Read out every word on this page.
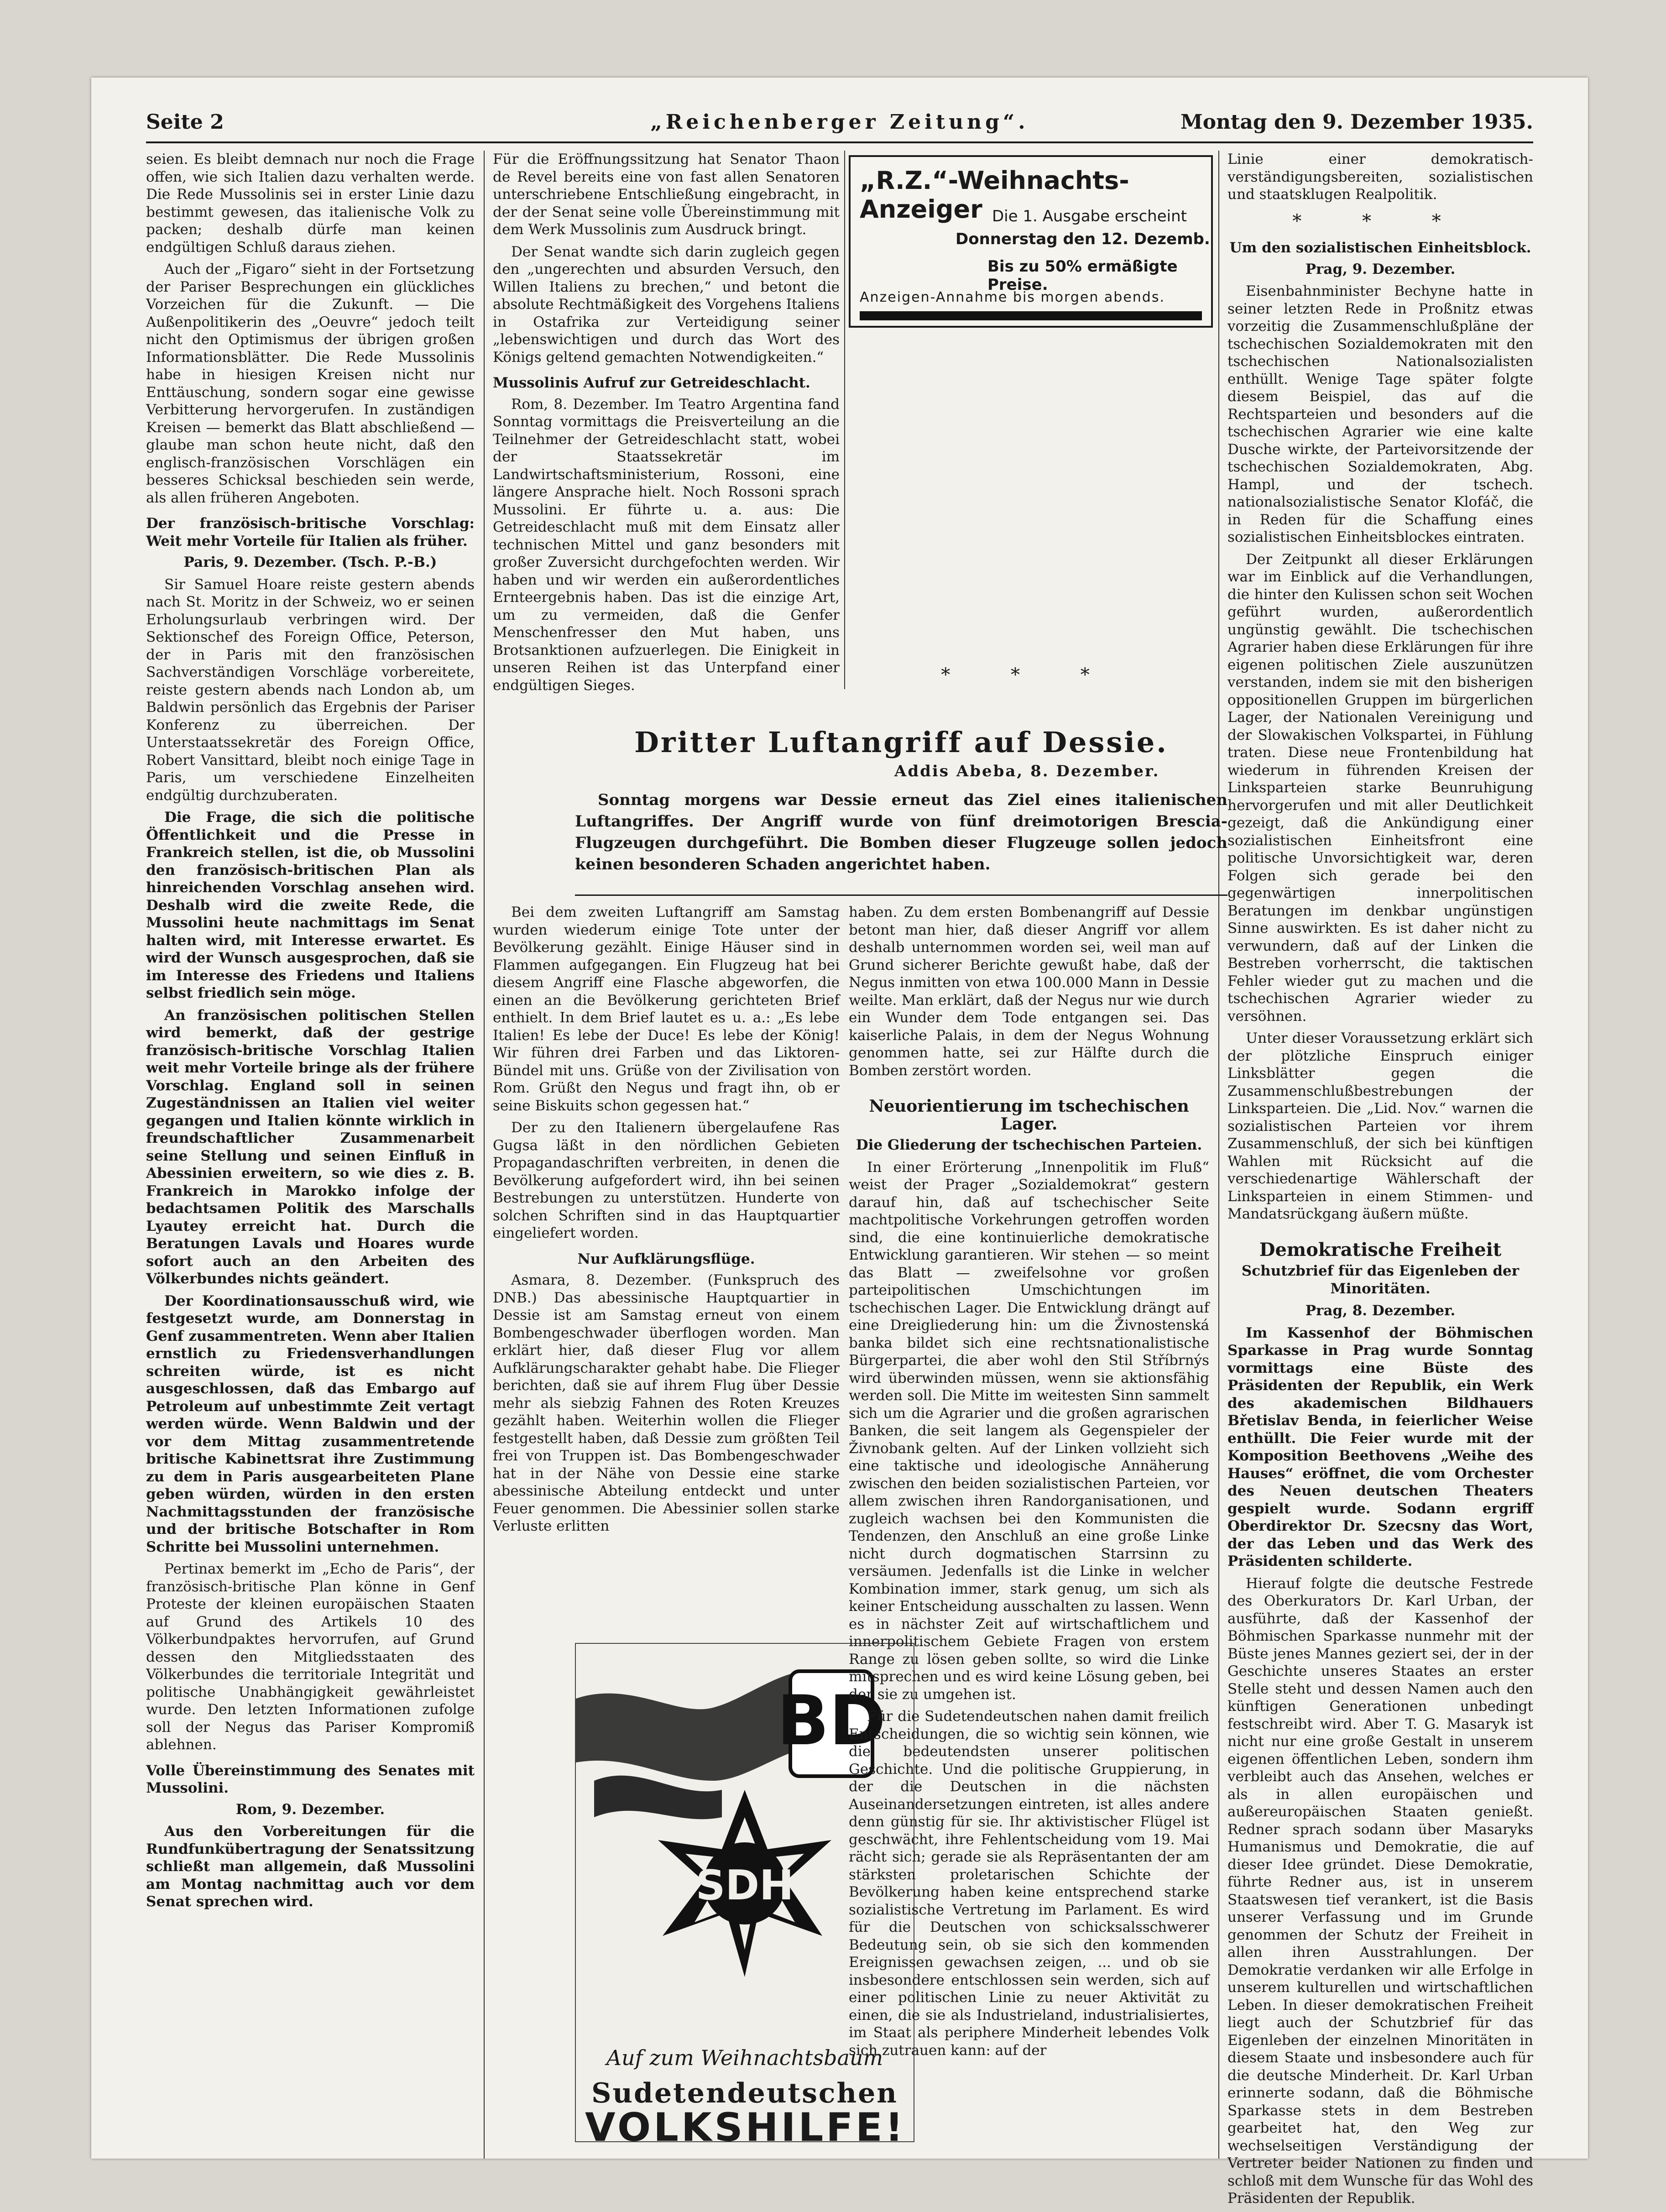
Seite 2	„Reichenberger Zeitung“.	Montag den 9. Dezember 1935.

seien. Es bleibt demnach nur noch die Frage offen, wie sich Italien dazu verhalten werde. Die Rede Mussolinis sei in erster Linie dazu bestimmt gewesen, das italienische Volk zu packen; deshalb dürfe man keinen endgültigen Schluß daraus ziehen.

Auch der „Figaro“ sieht in der Fortsetzung der Pariser Besprechungen ein glückliches Vorzeichen für die Zukunft. — Die Außenpolitikerin des „Oeuvre“ jedoch teilt nicht den Optimismus der übrigen großen Informationsblätter. Die Rede Mussolinis habe in hiesigen Kreisen nicht nur Enttäuschung, sondern sogar eine gewisse Verbitterung hervorgerufen. In zuständigen Kreisen — bemerkt das Blatt abschließend — glaube man schon heute nicht, daß den englisch-französischen Vorschlägen ein besseres Schicksal beschieden sein werde, als allen früheren Angeboten.

Der französisch-britische Vorschlag: Weit mehr Vorteile für Italien als früher.

Paris, 9. Dezember. (Tsch. P.-B.)

Sir Samuel Hoare reiste gestern abends nach St. Moritz in der Schweiz, wo er seinen Erholungsurlaub verbringen wird. Der Sektionschef des Foreign Office, Peterson, der in Paris mit den französischen Sachverständigen Vorschläge vorbereitete, reiste gestern abends nach London ab, um Baldwin persönlich das Ergebnis der Pariser Konferenz zu überreichen. Der Unterstaatssekretär des Foreign Office, Robert Vansittard, bleibt noch einige Tage in Paris, um verschiedene Einzelheiten endgültig durchzuberaten.

Die Frage, die sich die politische Öffentlichkeit und die Presse in Frankreich stellen, ist die, ob Mussolini den französisch-britischen Plan als hinreichenden Vorschlag ansehen wird. Deshalb wird die zweite Rede, die Mussolini heute nachmittags im Senat halten wird, mit Interesse erwartet. Es wird der Wunsch ausgesprochen, daß sie im Interesse des Friedens und Italiens selbst friedlich sein möge.

An französischen politischen Stellen wird bemerkt, daß der gestrige französisch-britische Vorschlag Italien weit mehr Vorteile bringe als der frühere Vorschlag. England soll in seinen Zugeständnissen an Italien viel weiter gegangen und Italien könnte wirklich in freundschaftlicher Zusammenarbeit seine Stellung und seinen Einfluß in Abessinien erweitern, so wie dies z. B. Frankreich in Marokko infolge der bedachtsamen Politik des Marschalls Lyautey erreicht hat. Durch die Beratungen Lavals und Hoares wurde sofort auch an den Arbeiten des Völkerbundes nichts geändert.

Der Koordinationsausschuß wird, wie festgesetzt wurde, am Donnerstag in Genf zusammentreten. Wenn aber Italien ernstlich zu Friedensverhandlungen schreiten würde, ist es nicht ausgeschlossen, daß das Embargo auf Petroleum auf unbestimmte Zeit vertagt werden würde. Wenn Baldwin und der vor dem Mittag zusammentretende britische Kabinettsrat ihre Zustimmung zu dem in Paris ausgearbeiteten Plane geben würden, würden in den ersten Nachmittagsstunden der französische und der britische Botschafter in Rom Schritte bei Mussolini unternehmen.

Pertinax bemerkt im „Echo de Paris“, der französisch-britische Plan könne in Genf Proteste der kleinen europäischen Staaten auf Grund des Artikels 10 des Völkerbundpaktes hervorrufen, auf Grund dessen den Mitgliedsstaaten des Völkerbundes die territoriale Integrität und politische Unabhängigkeit gewährleistet wurde. Den letzten Informationen zufolge soll der Negus das Pariser Kompromiß ablehnen.

Volle Übereinstimmung des Senates mit Mussolini.

Rom, 9. Dezember.

Aus den Vorbereitungen für die Rundfunkübertragung der Senatssitzung schließt man allgemein, daß Mussolini am Montag nachmittag auch vor dem Senat sprechen wird.

Für die Eröffnungssitzung hat Senator Thaon de Revel bereits eine von fast allen Senatoren unterschriebene Entschließung eingebracht, in der der Senat seine volle Übereinstimmung mit dem Werk Mussolinis zum Ausdruck bringt.

Der Senat wandte sich darin zugleich gegen den „ungerechten und absurden Versuch, den Willen Italiens zu brechen,“ und betont die absolute Rechtmäßigkeit des Vorgehens Italiens in Ostafrika zur Verteidigung seiner „lebenswichtigen und durch das Wort des Königs geltend gemachten Notwendigkeiten.“

Mussolinis Aufruf zur Getreideschlacht.

Rom, 8. Dezember. Im Teatro Argentina fand Sonntag vormittags die Preisverteilung an die Teilnehmer der Getreideschlacht statt, wobei der Staatssekretär im Landwirtschaftsministerium, Rossoni, eine längere Ansprache hielt. Noch Rossoni sprach Mussolini. Er führte u. a. aus: Die Getreideschlacht muß mit dem Einsatz aller technischen Mittel und ganz besonders mit großer Zuversicht durchgefochten werden. Wir haben und wir werden ein außerordentliches Ernteergebnis haben. Das ist die einzige Art, um zu vermeiden, daß die Genfer Menschenfresser den Mut haben, uns Brotsanktionen aufzuerlegen. Die Einigkeit in unseren Reihen ist das Unterpfand einer endgültigen Sieges.

„R.Z.“-Weihnachts-Anzeiger Die 1. Ausgabe erscheint
Donnerstag den 12. Dezemb.
Bis zu 50% ermäßigte Preise.
Anzeigen-Annahme bis morgen abends.

* * *

Dritter Luftangriff auf Dessie.
Addis Abeba, 8. Dezember.

Sonntag morgens war Dessie erneut das Ziel eines italienischen Luftangriffes. Der Angriff wurde von fünf dreimotorigen Brescia-Flugzeugen durchgeführt. Die Bomben dieser Flugzeuge sollen jedoch keinen besonderen Schaden angerichtet haben.

Bei dem zweiten Luftangriff am Samstag wurden wiederum einige Tote unter der Bevölkerung gezählt. Einige Häuser sind in Flammen aufgegangen. Ein Flugzeug hat bei diesem Angriff eine Flasche abgeworfen, die einen an die Bevölkerung gerichteten Brief enthielt. In dem Brief lautet es u. a.: „Es lebe Italien! Es lebe der Duce! Es lebe der König! Wir führen drei Farben und das Liktoren-Bündel mit uns. Grüße von der Zivilisation von Rom. Grüßt den Negus und fragt ihn, ob er seine Biskuits schon gegessen hat.“

Der zu den Italienern übergelaufene Ras Gugsa läßt in den nördlichen Gebieten Propagandaschriften verbreiten, in denen die Bevölkerung aufgefordert wird, ihn bei seinen Bestrebungen zu unterstützen. Hunderte von solchen Schriften sind in das Hauptquartier eingeliefert worden.

Nur Aufklärungsflüge.

Asmara, 8. Dezember. (Funkspruch des DNB.) Das abessinische Hauptquartier in Dessie ist am Samstag erneut von einem Bombengeschwader überflogen worden. Man erklärt hier, daß dieser Flug vor allem Aufklärungscharakter gehabt habe. Die Flieger berichten, daß sie auf ihrem Flug über Dessie mehr als siebzig Fahnen des Roten Kreuzes gezählt haben. Weiterhin wollen die Flieger festgestellt haben, daß Dessie zum größten Teil frei von Truppen ist. Das Bombengeschwader hat in der Nähe von Dessie eine starke abessinische Abteilung entdeckt und unter Feuer genommen. Die Abessinier sollen starke Verluste erlitten

BD
SDH
Auf zum Weihnachtsbaum
Sudetendeutschen
VOLKSHILFE!

haben. Zu dem ersten Bombenangriff auf Dessie betont man hier, daß dieser Angriff vor allem deshalb unternommen worden sei, weil man auf Grund sicherer Berichte gewußt habe, daß der Negus inmitten von etwa 100.000 Mann in Dessie weilte. Man erklärt, daß der Negus nur wie durch ein Wunder dem Tode entgangen sei. Das kaiserliche Palais, in dem der Negus Wohnung genommen hatte, sei zur Hälfte durch die Bomben zerstört worden.

Neuorientierung im tschechischen Lager.

Die Gliederung der tschechischen Parteien.

In einer Erörterung „Innenpolitik im Fluß“ weist der Prager „Sozialdemokrat“ gestern darauf hin, daß auf tschechischer Seite machtpolitische Vorkehrungen getroffen worden sind, die eine kontinuierliche demokratische Entwicklung garantieren. Wir stehen — so meint das Blatt — zweifelsohne vor großen parteipolitischen Umschichtungen im tschechischen Lager. Die Entwicklung drängt auf eine Dreigliederung hin: um die Živnostenská banka bildet sich eine rechtsnationalistische Bürgerpartei, die aber wohl den Stil Stříbrnýs wird überwinden müssen, wenn sie aktionsfähig werden soll. Die Mitte im weitesten Sinn sammelt sich um die Agrarier und die großen agrarischen Banken, die seit langem als Gegenspieler der Živnobank gelten. Auf der Linken vollzieht sich eine taktische und ideologische Annäherung zwischen den beiden sozialistischen Parteien, vor allem zwischen ihren Randorganisationen, und zugleich wachsen bei den Kommunisten die Tendenzen, den Anschluß an eine große Linke nicht durch dogmatischen Starrsinn zu versäumen. Jedenfalls ist die Linke in welcher Kombination immer, stark genug, um sich als keiner Entscheidung ausschalten zu lassen. Wenn es in nächster Zeit auf wirtschaftlichem und innerpolitischem Gebiete Fragen von erstem Range zu lösen geben sollte, so wird die Linke mitsprechen und es wird keine Lösung geben, bei der sie zu umgehen ist.

Für die Sudetendeutschen nahen damit freilich Entscheidungen, die so wichtig sein können, wie die bedeutendsten unserer politischen Geschichte. Und die politische Gruppierung, in der die Deutschen in die nächsten Auseinandersetzungen eintreten, ist alles andere denn günstig für sie. Ihr aktivistischer Flügel ist geschwächt, ihre Fehlentscheidung vom 19. Mai rächt sich; gerade sie als Repräsentanten der am stärksten proletarischen Schichte der Bevölkerung haben keine entsprechend starke sozialistische Vertretung im Parlament. Es wird für die Deutschen von schicksalsschwerer Bedeutung sein, ob sie sich den kommenden Ereignissen gewachsen zeigen, ... und ob sie insbesondere entschlossen sein werden, sich auf einer politischen Linie zu neuer Aktivität zu einen, die sie als Industrieland, industrialisiertes, im Staat als periphere Minderheit lebendes Volk sich zutrauen kann: auf der

Linie einer demokratisch-verständigungsbereiten, sozialistischen und staatsklugen Realpolitik.

* * *

Um den sozialistischen Einheitsblock.

Prag, 9. Dezember.

Eisenbahnminister Bechyne hatte in seiner letzten Rede in Proßnitz etwas vorzeitig die Zusammenschlußpläne der tschechischen Sozialdemokraten mit den tschechischen Nationalsozialisten enthüllt. Wenige Tage später folgte diesem Beispiel, das auf die Rechtsparteien und besonders auf die tschechischen Agrarier wie eine kalte Dusche wirkte, der Parteivorsitzende der tschechischen Sozialdemokraten, Abg. Hampl, und der tschech. nationalsozialistische Senator Klofáč, die in Reden für die Schaffung eines sozialistischen Einheitsblockes eintraten.

Der Zeitpunkt all dieser Erklärungen war im Einblick auf die Verhandlungen, die hinter den Kulissen schon seit Wochen geführt wurden, außerordentlich ungünstig gewählt. Die tschechischen Agrarier haben diese Erklärungen für ihre eigenen politischen Ziele auszunützen verstanden, indem sie mit den bisherigen oppositionellen Gruppen im bürgerlichen Lager, der Nationalen Vereinigung und der Slowakischen Volkspartei, in Fühlung traten. Diese neue Frontenbildung hat wiederum in führenden Kreisen der Linksparteien starke Beunruhigung hervorgerufen und mit aller Deutlichkeit gezeigt, daß die Ankündigung einer sozialistischen Einheitsfront eine politische Unvorsichtigkeit war, deren Folgen sich gerade bei den gegenwärtigen innerpolitischen Beratungen im denkbar ungünstigen Sinne auswirkten. Es ist daher nicht zu verwundern, daß auf der Linken die Bestreben vorherrscht, die taktischen Fehler wieder gut zu machen und die tschechischen Agrarier wieder zu versöhnen.

Unter dieser Voraussetzung erklärt sich der plötzliche Einspruch einiger Linksblätter gegen die Zusammenschlußbestrebungen der Linksparteien. Die „Lid. Nov.“ warnen die sozialistischen Parteien vor ihrem Zusammenschluß, der sich bei künftigen Wahlen mit Rücksicht auf die verschiedenartige Wählerschaft der Linksparteien in einem Stimmen- und Mandatsrückgang äußern müßte.

Demokratische Freiheit

Schutzbrief für das Eigenleben der Minoritäten.

Prag, 8. Dezember.

Im Kassenhof der Böhmischen Sparkasse in Prag wurde Sonntag vormittags eine Büste des Präsidenten der Republik, ein Werk des akademischen Bildhauers Břetislav Benda, in feierlicher Weise enthüllt. Die Feier wurde mit der Komposition Beethovens „Weihe des Hauses“ eröffnet, die vom Orchester des Neuen deutschen Theaters gespielt wurde. Sodann ergriff Oberdirektor Dr. Szecsny das Wort, der das Leben und das Werk des Präsidenten schilderte.

Hierauf folgte die deutsche Festrede des Oberkurators Dr. Karl Urban, der ausführte, daß der Kassenhof der Böhmischen Sparkasse nunmehr mit der Büste jenes Mannes geziert sei, der in der Geschichte unseres Staates an erster Stelle steht und dessen Namen auch den künftigen Generationen unbedingt festschreibt wird. Aber T. G. Masaryk ist nicht nur eine große Gestalt in unserem eigenen öffentlichen Leben, sondern ihm verbleibt auch das Ansehen, welches er als in allen europäischen und außereuropäischen Staaten genießt. Redner sprach sodann über Masaryks Humanismus und Demokratie, die auf dieser Idee gründet. Diese Demokratie, führte Redner aus, ist in unserem Staatswesen tief verankert, ist die Basis unserer Verfassung und im Grunde genommen der Schutz der Freiheit in allen ihren Ausstrahlungen. Der Demokratie verdanken wir alle Erfolge in unserem kulturellen und wirtschaftlichen Leben. In dieser demokratischen Freiheit liegt auch der Schutzbrief für das Eigenleben der einzelnen Minoritäten in diesem Staate und insbesondere auch für die deutsche Minderheit. Dr. Karl Urban erinnerte sodann, daß die Böhmische Sparkasse stets in dem Bestreben gearbeitet hat, den Weg zur wechselseitigen Verständigung der Vertreter beider Nationen zu finden und schloß mit dem Wunsche für das Wohl des Präsidenten der Republik.
